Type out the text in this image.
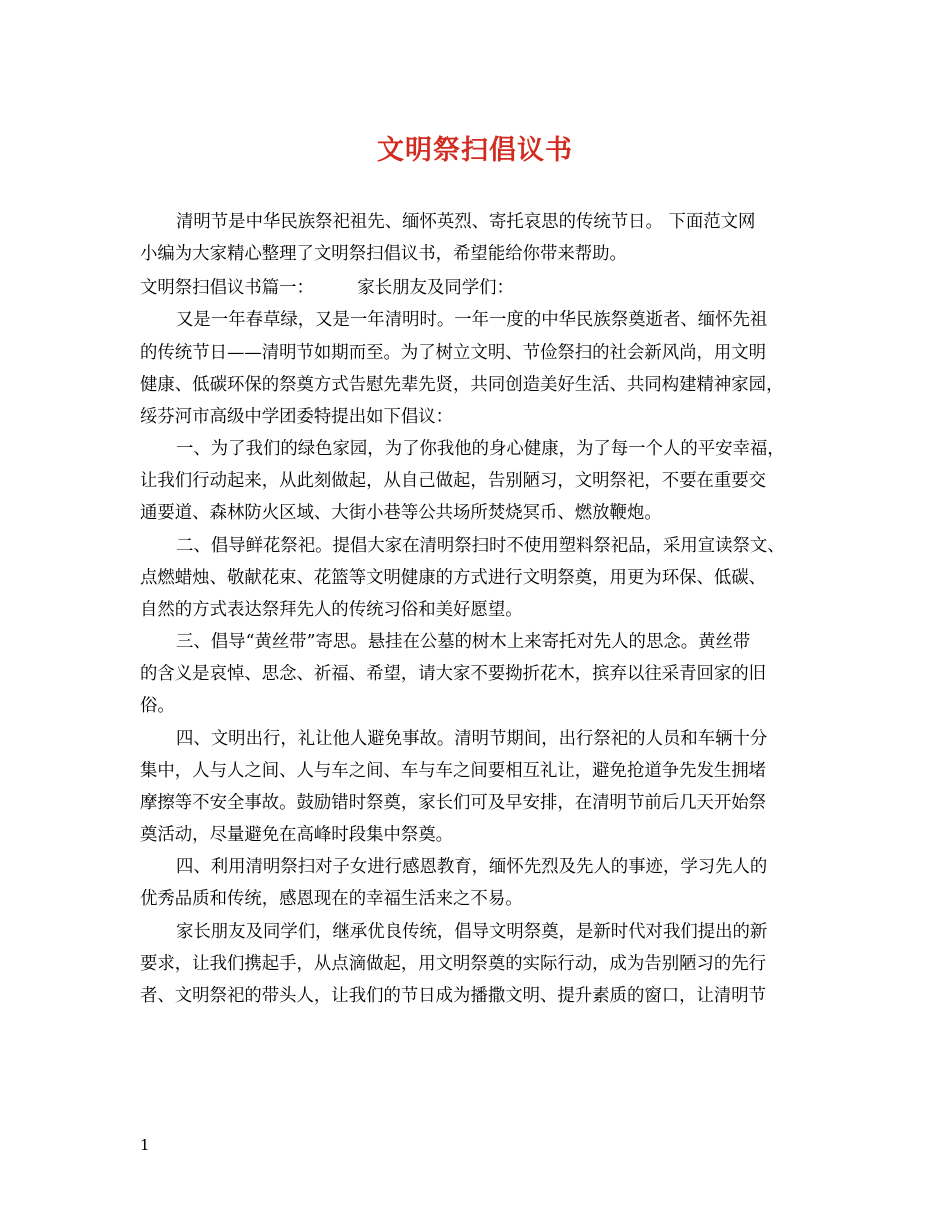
文明祭扫倡议书
清明节是中华民族祭祀祖先、缅怀英烈、寄托哀思的传统节日。 下面范文网
小编为大家精心整理了文明祭扫倡议书，希望能给你带来帮助。
文明祭扫倡议书篇一：　　　家长朋友及同学们：
又是一年春草绿，又是一年清明时。一年一度的中华民族祭奠逝者、缅怀先祖
的传统节日——清明节如期而至。为了树立文明、节俭祭扫的社会新风尚，用文明
健康、低碳环保的祭奠方式告慰先辈先贤，共同创造美好生活、共同构建精神家园，
绥芬河市高级中学团委特提出如下倡议：
一、为了我们的绿色家园，为了你我他的身心健康，为了每一个人的平安幸福，
让我们行动起来，从此刻做起，从自己做起，告别陋习，文明祭祀，不要在重要交
通要道、森林防火区域、大街小巷等公共场所焚烧冥币、燃放鞭炮。
二、倡导鲜花祭祀。提倡大家在清明祭扫时不使用塑料祭祀品，采用宣读祭文、
点燃蜡烛、敬献花束、花篮等文明健康的方式进行文明祭奠，用更为环保、低碳、
自然的方式表达祭拜先人的传统习俗和美好愿望。
三、倡导“黄丝带”寄思。悬挂在公墓的树木上来寄托对先人的思念。黄丝带
的含义是哀悼、思念、祈福、希望，请大家不要拗折花木，摈弃以往采青回家的旧
俗。
四、文明出行，礼让他人避免事故。清明节期间，出行祭祀的人员和车辆十分
集中，人与人之间、人与车之间、车与车之间要相互礼让，避免抢道争先发生拥堵
摩擦等不安全事故。鼓励错时祭奠，家长们可及早安排，在清明节前后几天开始祭
奠活动，尽量避免在高峰时段集中祭奠。
四、利用清明祭扫对子女进行感恩教育，缅怀先烈及先人的事迹，学习先人的
优秀品质和传统，感恩现在的幸福生活来之不易。
家长朋友及同学们，继承优良传统，倡导文明祭奠，是新时代对我们提出的新
要求，让我们携起手，从点滴做起，用文明祭奠的实际行动，成为告别陋习的先行
者、文明祭祀的带头人，让我们的节日成为播撒文明、提升素质的窗口，让清明节
1
